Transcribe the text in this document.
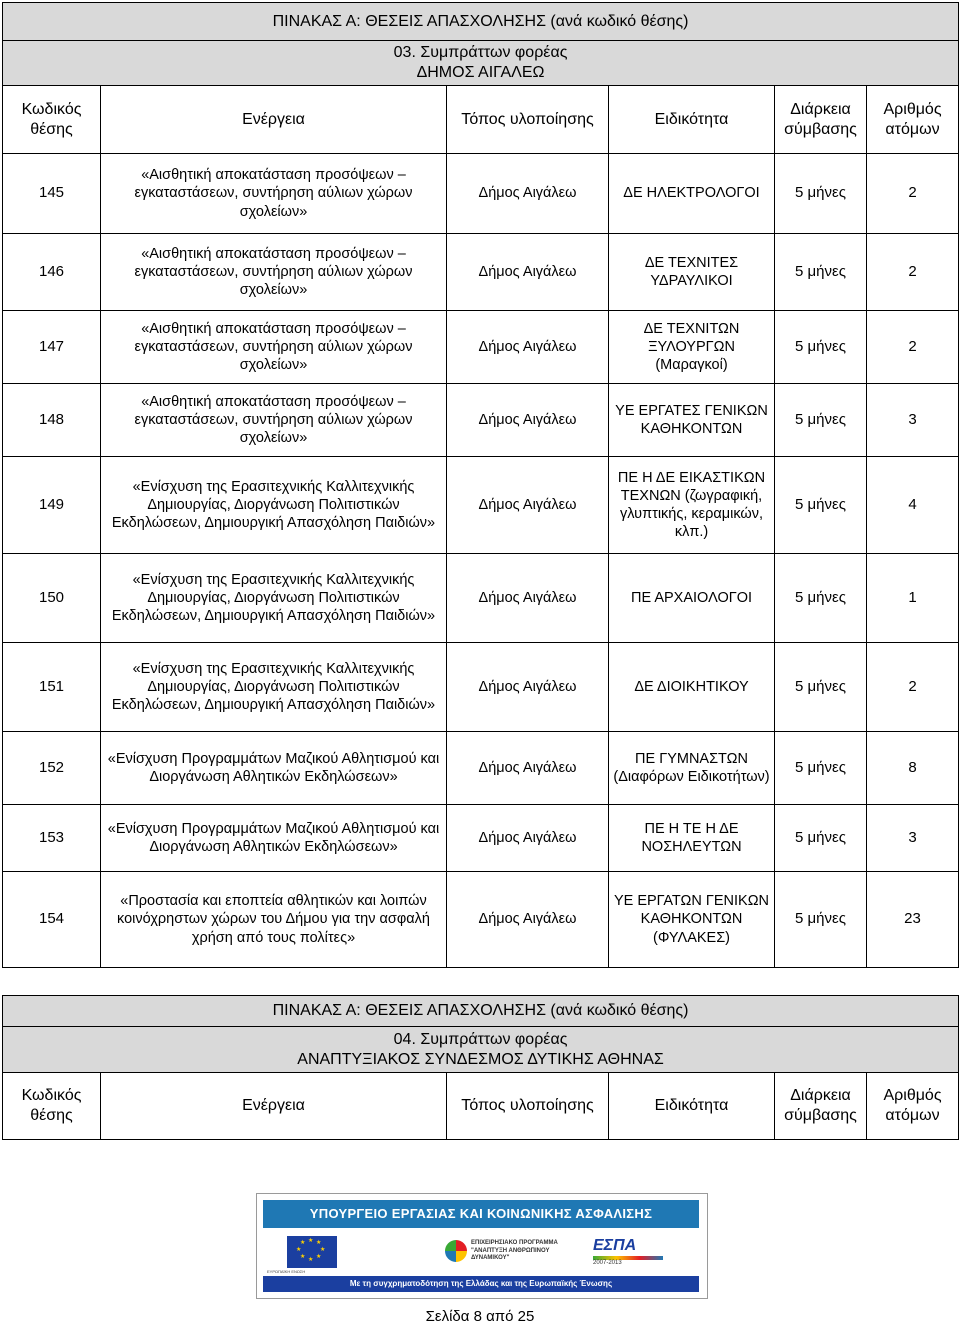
ΠΙΝΑΚΑΣ Α: ΘΕΣΕΙΣ ΑΠΑΣΧΟΛΗΣΗΣ (ανά κωδικό θέσης)					

03. Συμπράττων φορέας
ΔΗΜΟΣ ΑΙΓΑΛΕΩ					

Κωδικός θέσης	Ενέργεια	Τόπος υλοποίησης	Ειδικότητα	Διάρκεια σύμβασης	Αριθμός ατόμων
145	«Αισθητική αποκατάσταση προσόψεων – εγκαταστάσεων, συντήρηση αύλιων χώρων σχολείων»	Δήμος Αιγάλεω	ΔΕ ΗΛΕΚΤΡΟΛΟΓΟΙ	5 μήνες	2
146	«Αισθητική αποκατάσταση προσόψεων – εγκαταστάσεων, συντήρηση αύλιων χώρων σχολείων»	Δήμος Αιγάλεω	ΔΕ ΤΕΧΝΙΤΕΣ ΥΔΡΑΥΛΙΚΟΙ	5 μήνες	2
147	«Αισθητική αποκατάσταση προσόψεων – εγκαταστάσεων, συντήρηση αύλιων χώρων σχολείων»	Δήμος Αιγάλεω	ΔΕ ΤΕΧΝΙΤΩΝ ΞΥΛΟΥΡΓΩΝ (Μαραγκοί)	5 μήνες	2
148	«Αισθητική αποκατάσταση προσόψεων – εγκαταστάσεων, συντήρηση αύλιων χώρων σχολείων»	Δήμος Αιγάλεω	ΥΕ ΕΡΓΑΤΕΣ ΓΕΝΙΚΩΝ ΚΑΘΗΚΟΝΤΩΝ	5 μήνες	3
149	«Ενίσχυση της Ερασιτεχνικής Καλλιτεχνικής Δημιουργίας, Διοργάνωση Πολιτιστικών Εκδηλώσεων, Δημιουργική Απασχόληση Παιδιών»	Δήμος Αιγάλεω	ΠΕ Η ΔΕ ΕΙΚΑΣΤΙΚΩΝ ΤΕΧΝΩΝ (ζωγραφική, γλυπτικής, κεραμικών, κλπ.)	5 μήνες	4
150	«Ενίσχυση της Ερασιτεχνικής Καλλιτεχνικής Δημιουργίας, Διοργάνωση Πολιτιστικών Εκδηλώσεων, Δημιουργική Απασχόληση Παιδιών»	Δήμος Αιγάλεω	ΠΕ ΑΡΧΑΙΟΛΟΓΟΙ	5 μήνες	1
151	«Ενίσχυση της Ερασιτεχνικής Καλλιτεχνικής Δημιουργίας, Διοργάνωση Πολιτιστικών Εκδηλώσεων, Δημιουργική Απασχόληση Παιδιών»	Δήμος Αιγάλεω	ΔΕ ΔΙΟΙΚΗΤΙΚΟΥ	5 μήνες	2
152	«Ενίσχυση Προγραμμάτων Μαζικού Αθλητισμού και Διοργάνωση Αθλητικών Εκδηλώσεων»	Δήμος Αιγάλεω	ΠΕ ΓΥΜΝΑΣΤΩΝ (Διαφόρων Ειδικοτήτων)	5 μήνες	8
153	«Ενίσχυση Προγραμμάτων Μαζικού Αθλητισμού και Διοργάνωση Αθλητικών Εκδηλώσεων»	Δήμος Αιγάλεω	ΠΕ Η ΤΕ Η ΔΕ ΝΟΣΗΛΕΥΤΩΝ	5 μήνες	3
154	«Προστασία και εποπτεία αθλητικών και λοιπών κοινόχρηστων χώρων του Δήμου για την ασφαλή χρήση από τους πολίτες»	Δήμος Αιγάλεω	ΥΕ ΕΡΓΑΤΩΝ ΓΕΝΙΚΩΝ ΚΑΘΗΚΟΝΤΩΝ (ΦΥΛΑΚΕΣ)	5 μήνες	23
ΠΙΝΑΚΑΣ Α: ΘΕΣΕΙΣ ΑΠΑΣΧΟΛΗΣΗΣ (ανά κωδικό θέσης)

04. Συμπράττων φορέας
ΑΝΑΠΤΥΞΙΑΚΟΣ ΣΥΝΔΕΣΜΟΣ ΔΥΤΙΚΗΣ ΑΘΗΝΑΣ

Κωδικός θέσης	Ενέργεια	Τόπος υλοποίησης	Ειδικότητα	Διάρκεια σύμβασης	Αριθμός ατόμων
ΥΠΟΥΡΓΕΙΟ ΕΡΓΑΣΙΑΣ ΚΑΙ ΚΟΙΝΩΝΙΚΗΣ ΑΣΦΑΛΙΣΗΣ
★ ★
★
★
★
★
★
★
ΕΥΡΩΠΑΪΚΗ ΕΝΩΣΗ
ΕΠΙΧΕΙΡΗΣΙΑΚΟ ΠΡΟΓΡΑΜΜΑ
"ΑΝΑΠΤΥΞΗ ΑΝΘΡΩΠΙΝΟΥ ΔΥΝΑΜΙΚΟΥ"
ΕΣΠΑ
2007-2013
Με τη συγχρηματοδότηση της Ελλάδας και της Ευρωπαϊκής Ένωσης
Σελίδα 8 από 25
